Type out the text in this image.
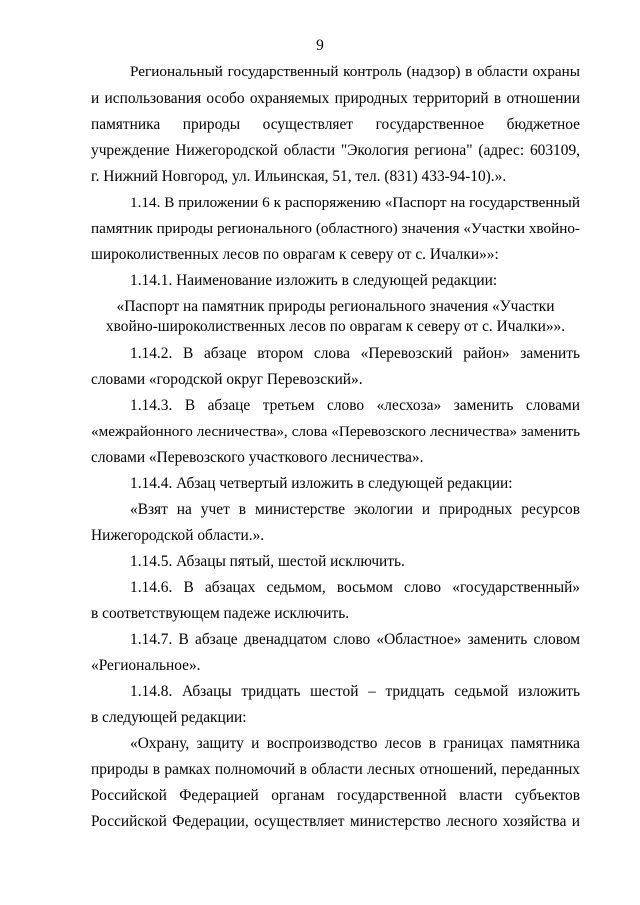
9
Региональный государственный контроль (надзор) в области охраны
и использования особо охраняемых природных территорий в отношении
памятника природы осуществляет государственное бюджетное
учреждение Нижегородской области "Экология региона" (адрес: 603109,
г. Нижний Новгород, ул. Ильинская, 51, тел. (831) 433-94-10).».
1.14. В приложении 6 к распоряжению «Паспорт на государственный
памятник природы регионального (областного) значения «Участки хвойно-
широколиственных лесов по оврагам к северу от с. Ичалки»»:
1.14.1. Наименование изложить в следующей редакции:
«Паспорт на памятник природы регионального значения «Участки
хвойно-широколиственных лесов по оврагам к северу от с. Ичалки»».
1.14.2. В абзаце втором слова «Перевозский район» заменить
словами «городской округ Перевозский».
1.14.3. В абзаце третьем слово «лесхоза» заменить словами
«межрайонного лесничества», слова «Перевозского лесничества» заменить
словами «Перевозского участкового лесничества».
1.14.4. Абзац четвертый изложить в следующей редакции:
«Взят на учет в министерстве экологии и природных ресурсов
Нижегородской области.».
1.14.5. Абзацы пятый, шестой исключить.
1.14.6. В абзацах седьмом, восьмом слово «государственный»
в соответствующем падеже исключить.
1.14.7. В абзаце двенадцатом слово «Областное» заменить словом
«Региональное».
1.14.8. Абзацы тридцать шестой – тридцать седьмой изложить
в следующей редакции:
«Охрану, защиту и воспроизводство лесов в границах памятника
природы в рамках полномочий в области лесных отношений, переданных
Российской Федерацией органам государственной власти субъектов
Российской Федерации, осуществляет министерство лесного хозяйства и
